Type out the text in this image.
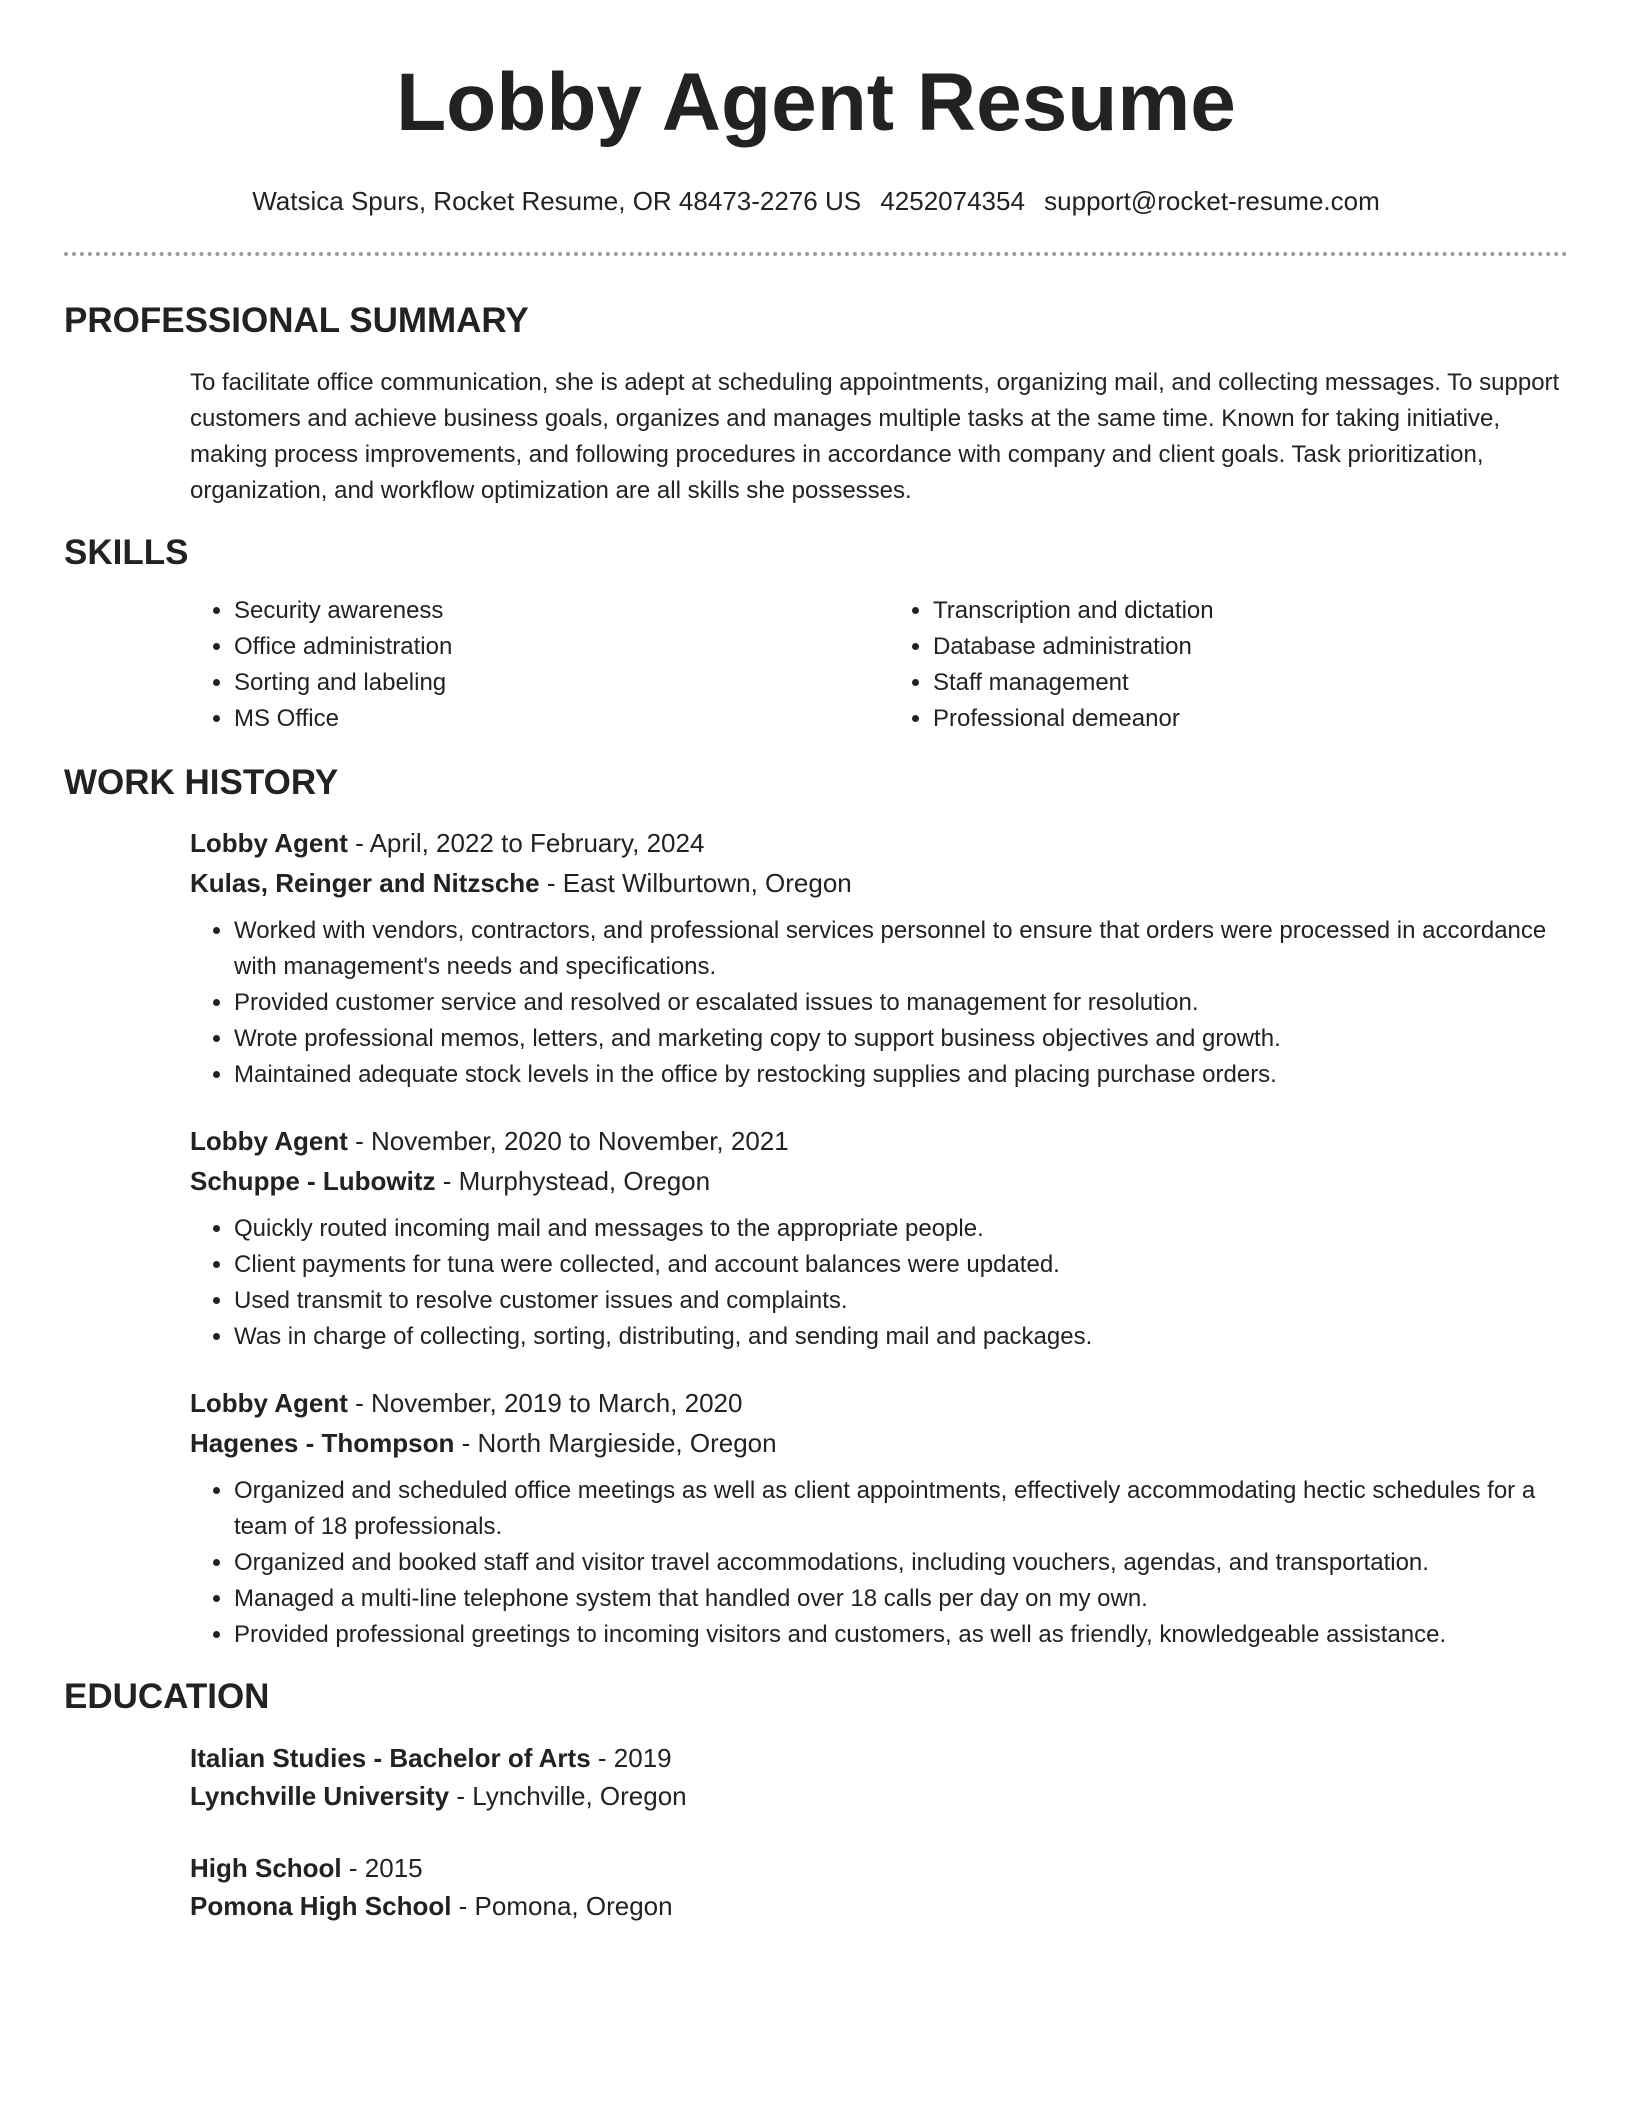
Lobby Agent Resume
Watsica Spurs, Rocket Resume, OR 48473-2276 US 4252074354 support@rocket-resume.com
PROFESSIONAL SUMMARY

To facilitate office communication, she is adept at scheduling appointments, organizing mail, and collecting messages. To support customers and achieve business goals, organizes and manages multiple tasks at the same time. Known for taking initiative, making process improvements, and following procedures in accordance with company and client goals. Task prioritization, organization, and workflow optimization are all skills she possesses.

SKILLS
• Security awareness
• Office administration
• Sorting and labeling
• MS Office
• Transcription and dictation
• Database administration
• Staff management
• Professional demeanor
WORK HISTORY
Lobby Agent - April, 2022 to February, 2024
Kulas, Reinger and Nitzsche - East Wilburtown, Oregon
• Worked with vendors, contractors, and professional services personnel to ensure that orders were processed in accordance with management's needs and specifications.
• Provided customer service and resolved or escalated issues to management for resolution.
• Wrote professional memos, letters, and marketing copy to support business objectives and growth.
• Maintained adequate stock levels in the office by restocking supplies and placing purchase orders.
Lobby Agent - November, 2020 to November, 2021
Schuppe - Lubowitz - Murphystead, Oregon
• Quickly routed incoming mail and messages to the appropriate people.
• Client payments for tuna were collected, and account balances were updated.
• Used transmit to resolve customer issues and complaints.
• Was in charge of collecting, sorting, distributing, and sending mail and packages.
Lobby Agent - November, 2019 to March, 2020
Hagenes - Thompson - North Margieside, Oregon
• Organized and scheduled office meetings as well as client appointments, effectively accommodating hectic schedules for a team of 18 professionals.
• Organized and booked staff and visitor travel accommodations, including vouchers, agendas, and transportation.
• Managed a multi-line telephone system that handled over 18 calls per day on my own.
• Provided professional greetings to incoming visitors and customers, as well as friendly, knowledgeable assistance.
EDUCATION
Italian Studies - Bachelor of Arts - 2019
Lynchville University - Lynchville, Oregon
High School - 2015
Pomona High School - Pomona, Oregon
